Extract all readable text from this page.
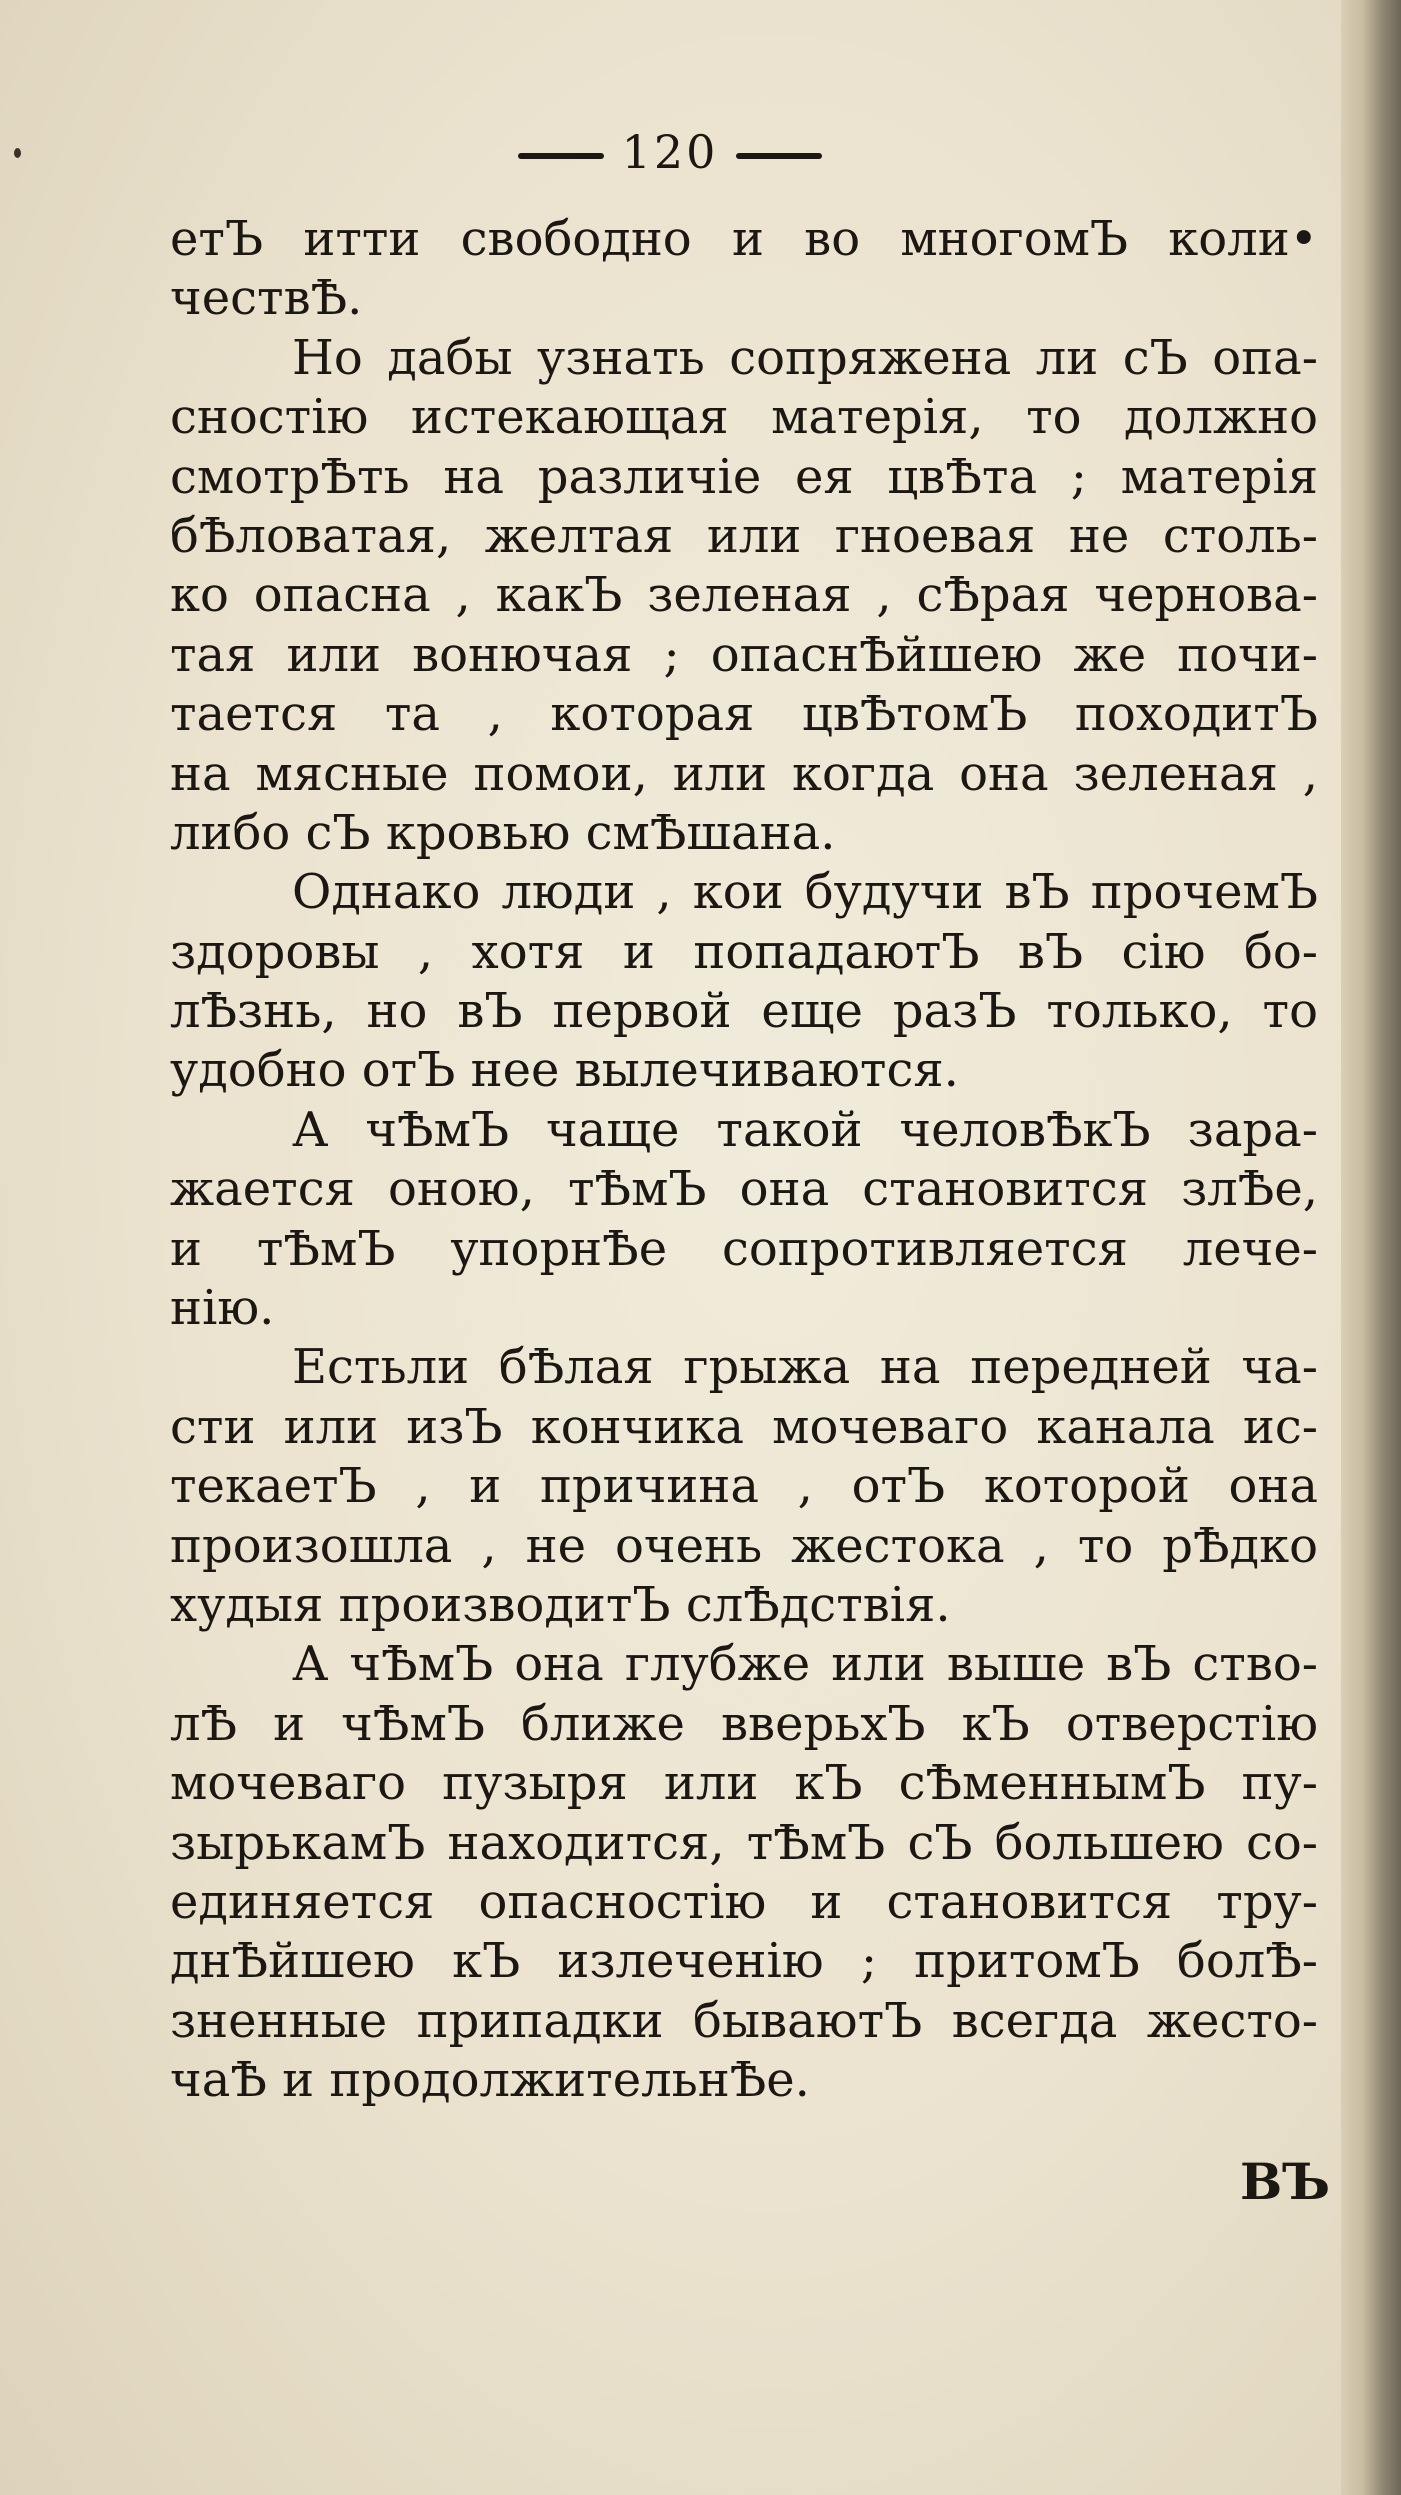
120
етЪ итти свободно и во многомЪ коли•
чествѢ.
Но дабы узнать сопряжена ли сЪ опа-
сностiю истекающая матерiя, то должно
смотрѢть на различiе ея цвѢта ; матерiя
бѢловатая, желтая или гноевая не столь-
ко опасна , какЪ зеленая , сѢрая чернова-
тая или вонючая ; опаснѢйшею же почи-
тается та , которая цвѢтомЪ походитЪ
на мясные помои, или когда она зеленая ,
либо сЪ кровью смѢшана.
Однако люди , кои будучи вЪ прочемЪ
здоровы , хотя и попадаютЪ вЪ сiю бо-
лѢзнь, но вЪ первой еще разЪ только, то
удобно отЪ нее вылечиваются.
А чѢмЪ чаще такой человѢкЪ зара-
жается оною, тѢмЪ она становится злѢе,
и тѢмЪ упорнѢе сопротивляется лече-
нiю.
Естьли бѢлая грыжа на передней ча-
сти или изЪ кончика мочеваго канала ис-
текаетЪ , и причина , отЪ которой она
произошла , не очень жестока , то рѢдко
худыя производитЪ слѢдствiя.
А чѢмЪ она глубже или выше вЪ ство-
лѢ и чѢмЪ ближе вверьхЪ кЪ отверстiю
мочеваго пузыря или кЪ сѢменнымЪ пу-
зырькамЪ находится, тѢмЪ сЪ большею со-
единяется опасностiю и становится тру-
днѢйшею кЪ излеченiю ; притомЪ болѢ-
зненные припадки бываютЪ всегда жесто-
чаѢ и продолжительнѢе.
ВЪ
